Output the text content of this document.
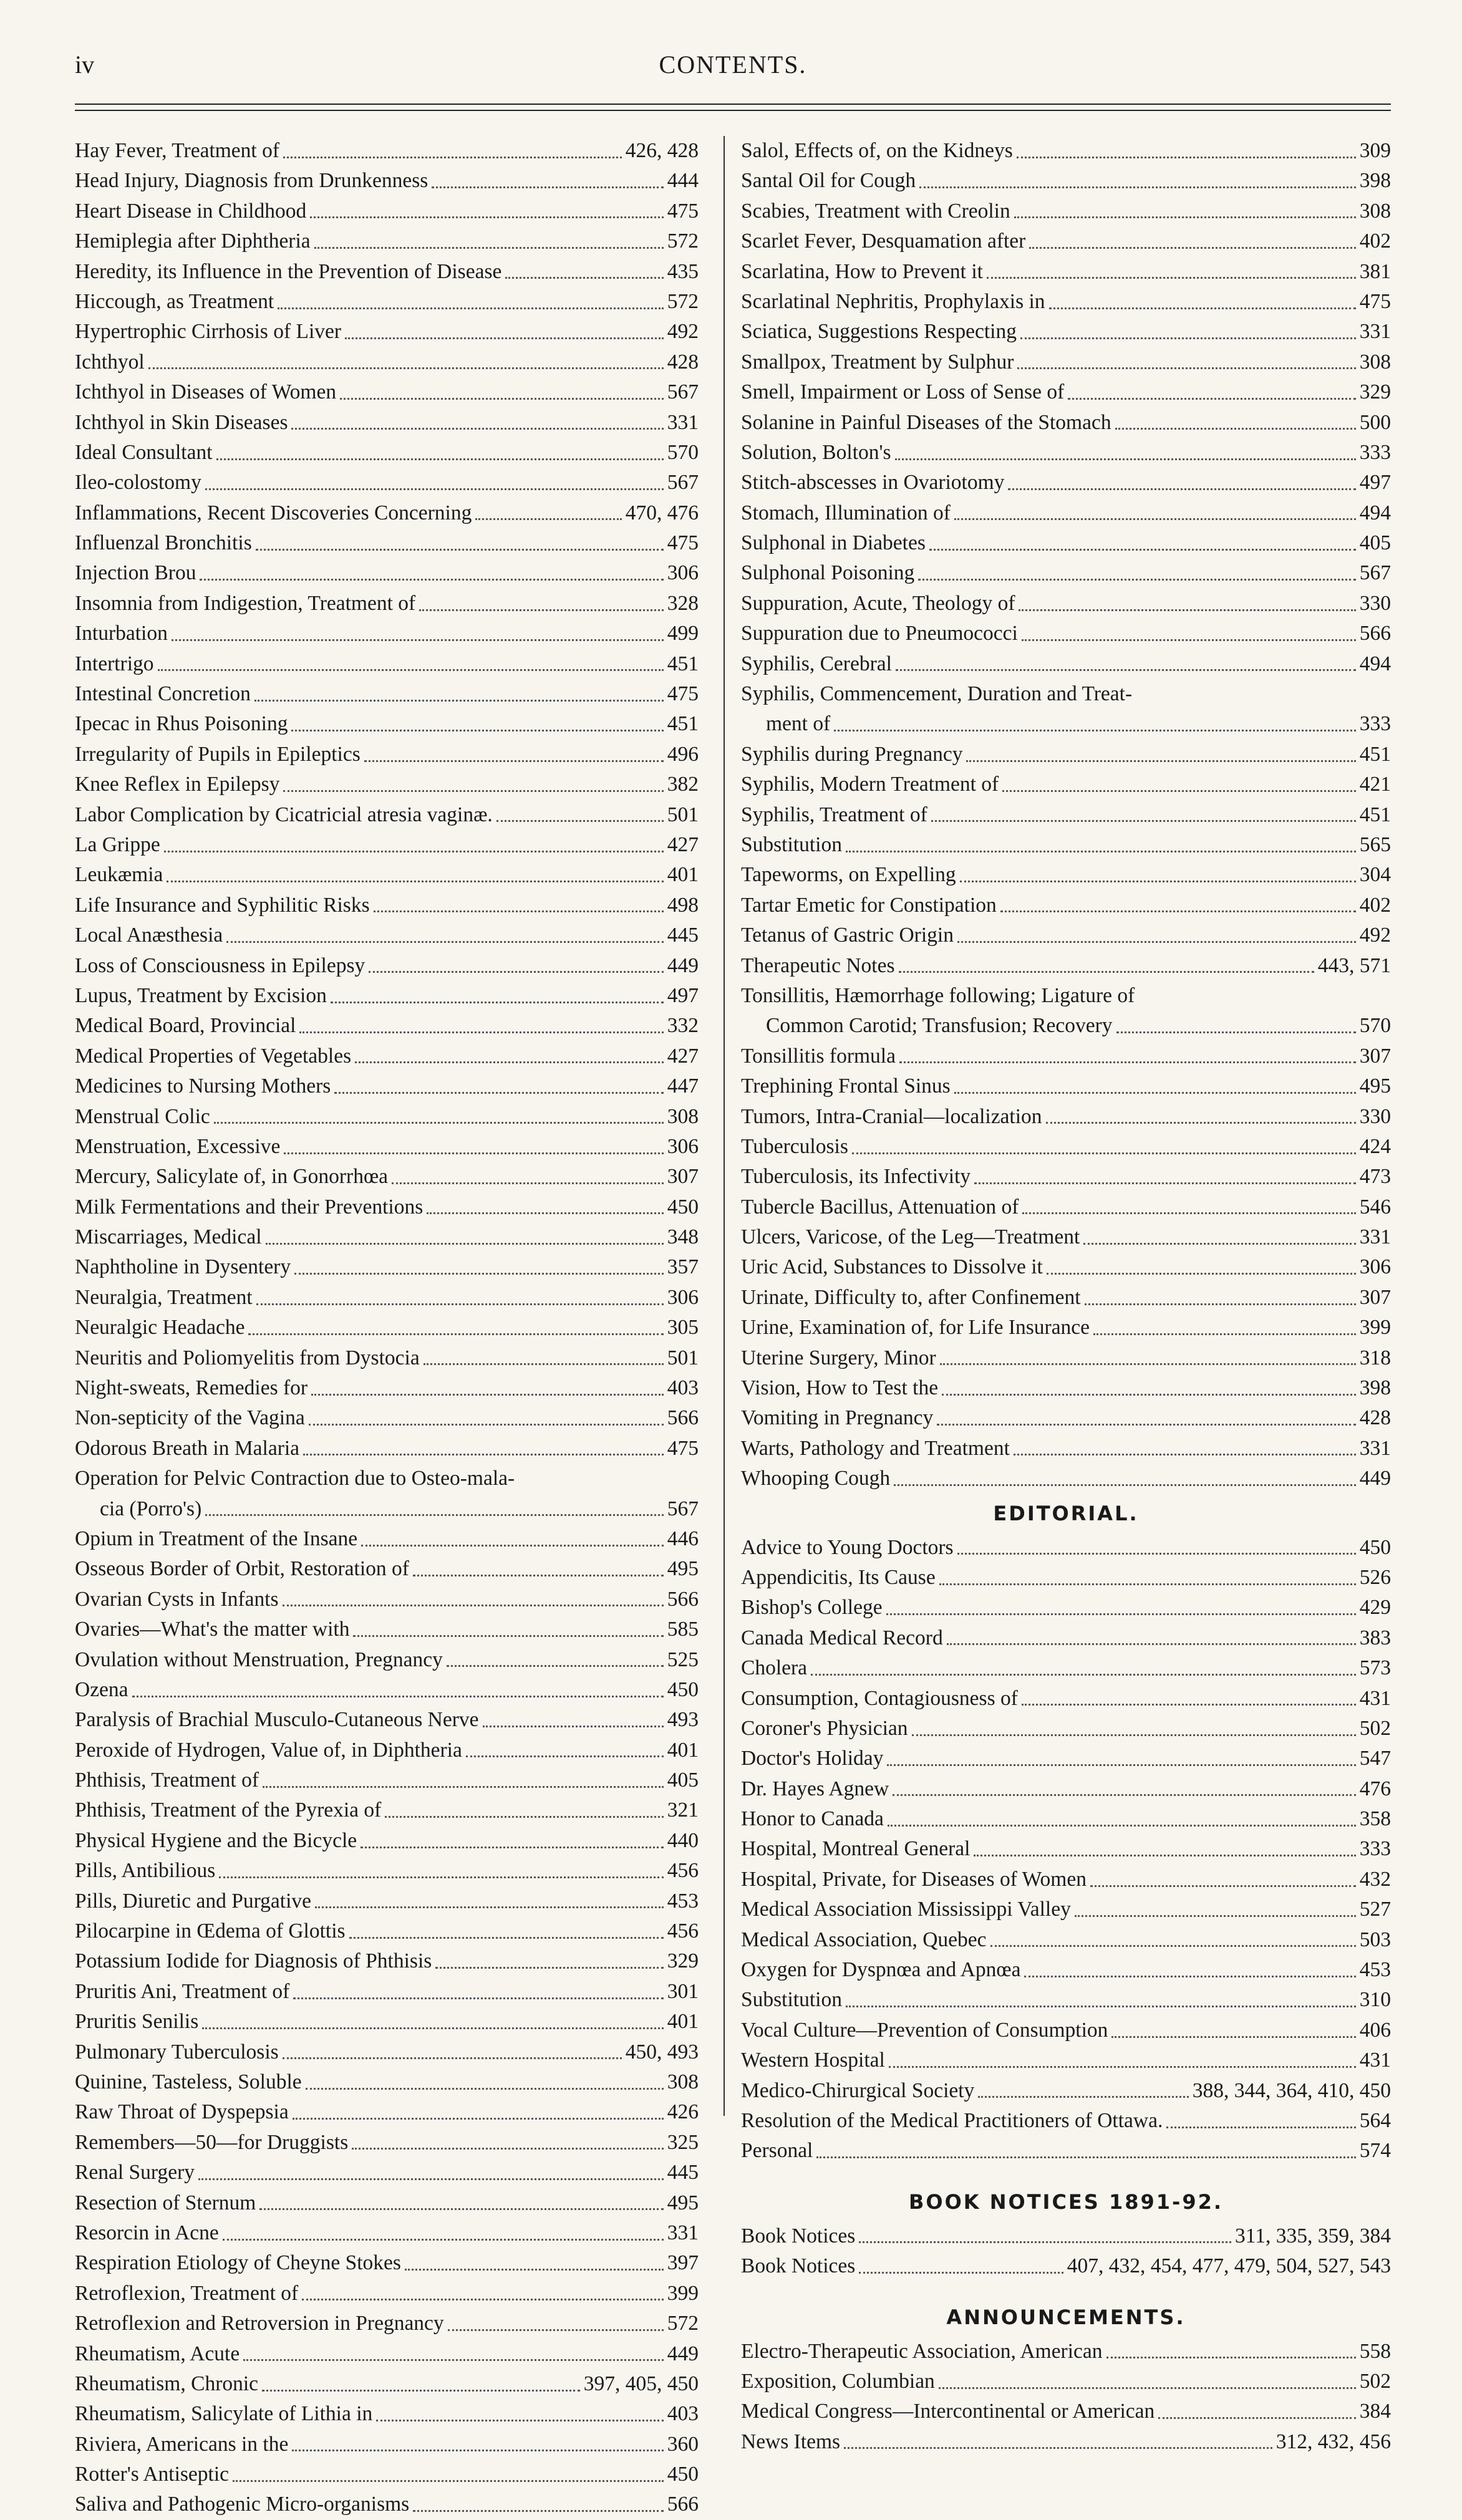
iv	CONTENTS.
Hay Fever, Treatment of	426, 428
Head Injury, Diagnosis from Drunkenness	444
Heart Disease in Childhood	475
Hemiplegia after Diphtheria	572
Heredity, its Influence in the Prevention of Disease	435
Hiccough, as Treatment	572
Hypertrophic Cirrhosis of Liver	492
Ichthyol	428
Ichthyol in Diseases of Women	567
Ichthyol in Skin Diseases	331
Ideal Consultant	570
Ileo-colostomy	567
Inflammations, Recent Discoveries Concerning	470, 476
Influenzal Bronchitis	475
Injection Brou	306
Insomnia from Indigestion, Treatment of	328
Inturbation	499
Intertrigo	451
Intestinal Concretion	475
Ipecac in Rhus Poisoning	451
Irregularity of Pupils in Epileptics	496
Knee Reflex in Epilepsy	382
Labor Complication by Cicatricial atresia vaginæ.	501
La Grippe	427
Leukæmia	401
Life Insurance and Syphilitic Risks	498
Local Anæsthesia	445
Loss of Consciousness in Epilepsy	449
Lupus, Treatment by Excision	497
Medical Board, Provincial	332
Medical Properties of Vegetables	427
Medicines to Nursing Mothers	447
Menstrual Colic	308
Menstruation, Excessive	306
Mercury, Salicylate of, in Gonorrhœa	307
Milk Fermentations and their Preventions	450
Miscarriages, Medical	348
Naphtholine in Dysentery	357
Neuralgia, Treatment	306
Neuralgic Headache	305
Neuritis and Poliomyelitis from Dystocia	501
Night-sweats, Remedies for	403
Non-septicity of the Vagina	566
Odorous Breath in Malaria	475
Operation for Pelvic Contraction due to Osteo-mala-
cia (Porro's)	567
Opium in Treatment of the Insane	446
Osseous Border of Orbit, Restoration of	495
Ovarian Cysts in Infants	566
Ovaries—What's the matter with	585
Ovulation without Menstruation, Pregnancy	525
Ozena	450
Paralysis of Brachial Musculo-Cutaneous Nerve	493
Peroxide of Hydrogen, Value of, in Diphtheria	401
Phthisis, Treatment of	405
Phthisis, Treatment of the Pyrexia of	321
Physical Hygiene and the Bicycle	440
Pills, Antibilious	456
Pills, Diuretic and Purgative	453
Pilocarpine in Œdema of Glottis	456
Potassium Iodide for Diagnosis of Phthisis	329
Pruritis Ani, Treatment of	301
Pruritis Senilis	401
Pulmonary Tuberculosis	450, 493
Quinine, Tasteless, Soluble	308
Raw Throat of Dyspepsia	426
Remembers—50—for Druggists	325
Renal Surgery	445
Resection of Sternum	495
Resorcin in Acne	331
Respiration Etiology of Cheyne Stokes	397
Retroflexion, Treatment of	399
Retroflexion and Retroversion in Pregnancy	572
Rheumatism, Acute	449
Rheumatism, Chronic	397, 405, 450
Rheumatism, Salicylate of Lithia in	403
Riviera, Americans in the	360
Rotter's Antiseptic	450
Saliva and Pathogenic Micro-organisms	566
Salol, Effects of, on the Kidneys	309
Santal Oil for Cough	398
Scabies, Treatment with Creolin	308
Scarlet Fever, Desquamation after	402
Scarlatina, How to Prevent it	381
Scarlatinal Nephritis, Prophylaxis in	475
Sciatica, Suggestions Respecting	331
Smallpox, Treatment by Sulphur	308
Smell, Impairment or Loss of Sense of	329
Solanine in Painful Diseases of the Stomach	500
Solution, Bolton's	333
Stitch-abscesses in Ovariotomy	497
Stomach, Illumination of	494
Sulphonal in Diabetes	405
Sulphonal Poisoning	567
Suppuration, Acute, Theology of	330
Suppuration due to Pneumococci	566
Syphilis, Cerebral	494
Syphilis, Commencement, Duration and Treat-
ment of	333
Syphilis during Pregnancy	451
Syphilis, Modern Treatment of	421
Syphilis, Treatment of	451
Substitution	565
Tapeworms, on Expelling	304
Tartar Emetic for Constipation	402
Tetanus of Gastric Origin	492
Therapeutic Notes	443, 571
Tonsillitis, Hæmorrhage following; Ligature of
Common Carotid; Transfusion; Recovery	570
Tonsillitis formula	307
Trephining Frontal Sinus	495
Tumors, Intra-Cranial—localization	330
Tuberculosis	424
Tuberculosis, its Infectivity	473
Tubercle Bacillus, Attenuation of	546
Ulcers, Varicose, of the Leg—Treatment	331
Uric Acid, Substances to Dissolve it	306
Urinate, Difficulty to, after Confinement	307
Urine, Examination of, for Life Insurance	399
Uterine Surgery, Minor	318
Vision, How to Test the	398
Vomiting in Pregnancy	428
Warts, Pathology and Treatment	331
Whooping Cough	449
EDITORIAL.
Advice to Young Doctors	450
Appendicitis, Its Cause	526
Bishop's College	429
Canada Medical Record	383
Cholera	573
Consumption, Contagiousness of	431
Coroner's Physician	502
Doctor's Holiday	547
Dr. Hayes Agnew	476
Honor to Canada	358
Hospital, Montreal General	333
Hospital, Private, for Diseases of Women	432
Medical Association Mississippi Valley	527
Medical Association, Quebec	503
Oxygen for Dyspnœa and Apnœa	453
Substitution	310
Vocal Culture—Prevention of Consumption	406
Western Hospital	431
Medico-Chirurgical Society	388, 344, 364, 410, 450
Resolution of the Medical Practitioners of Ottawa.	564
Personal	574
BOOK NOTICES 1891-92.
Book Notices	311, 335, 359, 384
Book Notices	407, 432, 454, 477, 479, 504, 527, 543
ANNOUNCEMENTS.
Electro-Therapeutic Association, American	558
Exposition, Columbian	502
Medical Congress—Intercontinental or American	384
News Items	312, 432, 456
